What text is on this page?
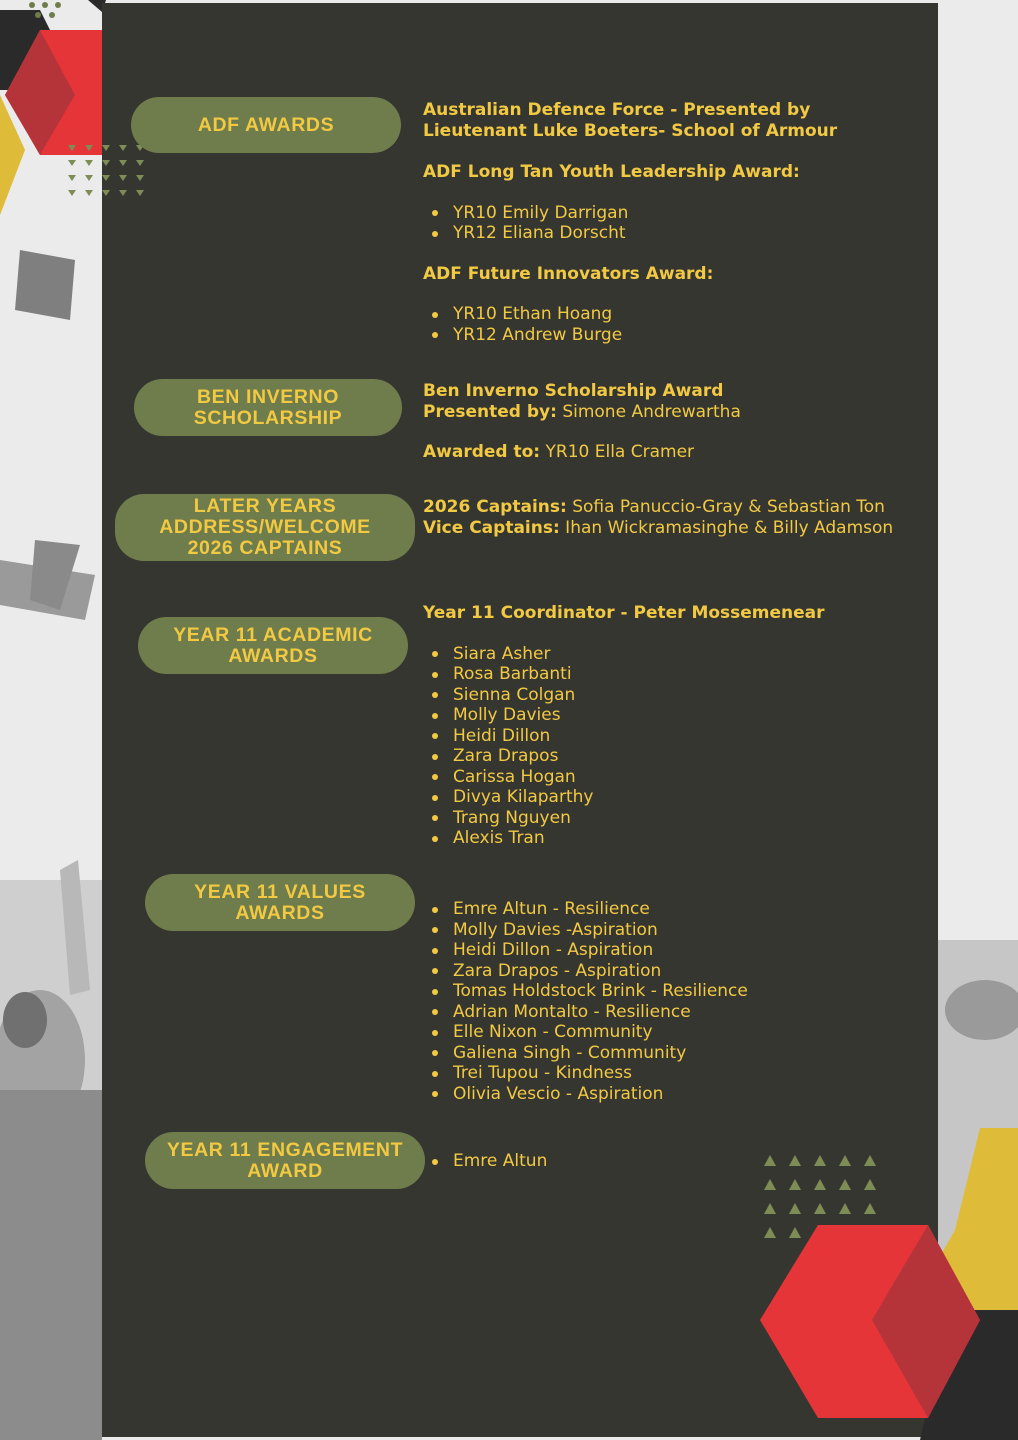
ADF AWARDS
BEN INVERNO
SCHOLARSHIP
LATER YEARS
ADDRESS/WELCOME
2026 CAPTAINS
YEAR 11 ACADEMIC
AWARDS
YEAR 11 VALUES
AWARDS
YEAR 11 ENGAGEMENT
AWARD
Australian Defence Force - Presented by
Lieutenant Luke Boeters- School of Armour
ADF Long Tan Youth Leadership Award:
YR10 Emily Darrigan
YR12 Eliana Dorscht
ADF Future Innovators Award:
YR10 Ethan Hoang
YR12 Andrew Burge
Ben Inverno Scholarship Award
Presented by: Simone Andrewartha
Awarded to: YR10 Ella Cramer
2026 Captains: Sofia Panuccio-Gray & Sebastian Ton
Vice Captains: Ihan Wickramasinghe & Billy Adamson
Year 11 Coordinator - Peter Mossemenear
Siara Asher
Rosa Barbanti
Sienna Colgan
Molly Davies
Heidi Dillon
Zara Drapos
Carissa Hogan
Divya Kilaparthy
Trang Nguyen
Alexis Tran
Emre Altun - Resilience
Molly Davies -Aspiration
Heidi Dillon - Aspiration
Zara Drapos - Aspiration
Tomas Holdstock Brink - Resilience
Adrian Montalto - Resilience
Elle Nixon - Community
Galiena Singh - Community
Trei Tupou - Kindness
Olivia Vescio - Aspiration
Emre Altun
